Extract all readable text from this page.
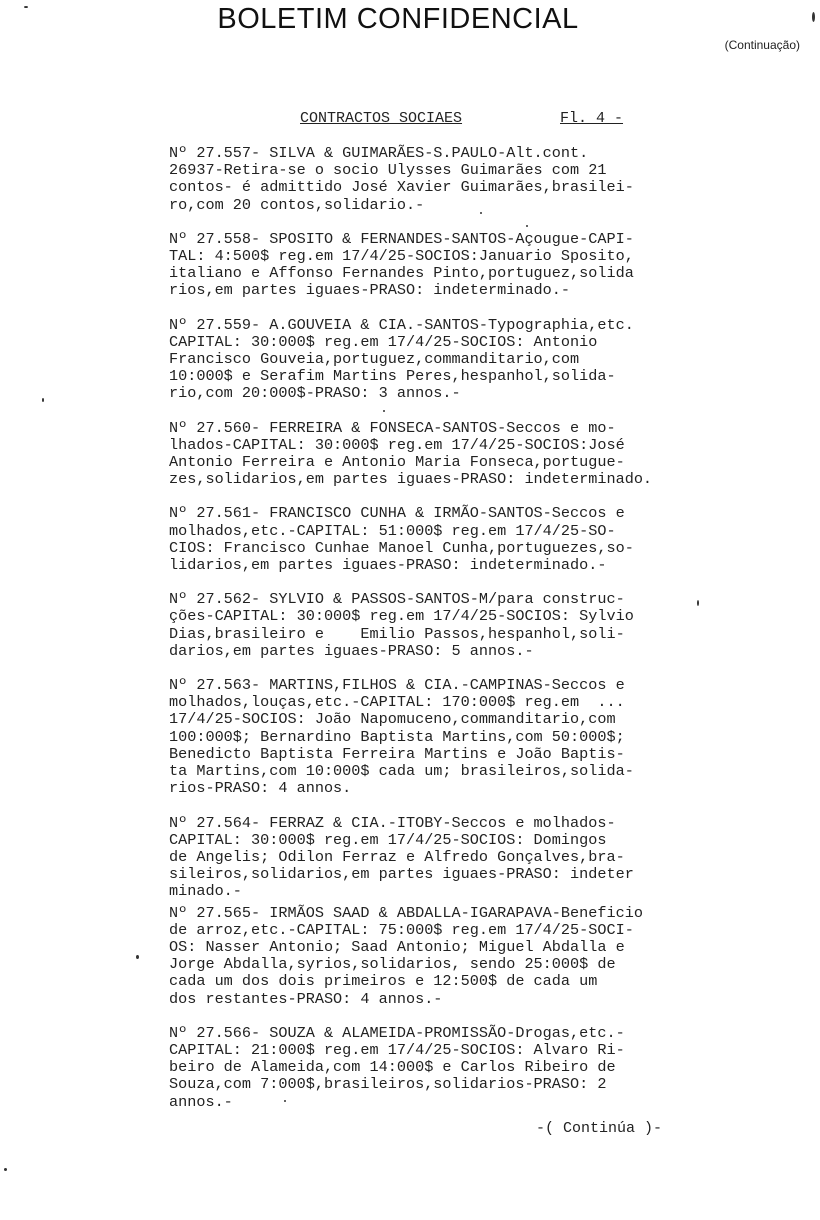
BOLETIM CONFIDENCIAL
(Continuação)
CONTRACTOS SOCIAES	Fl. 4 -
Nº 27.557- SILVA & GUIMARÃES-S.PAULO-Alt.cont.
26937-Retira-se o socio Ulysses Guimarães com 21
contos- é admittido José Xavier Guimarães,brasilei-
ro,com 20 contos,solidario.-
Nº 27.558- SPOSITO & FERNANDES-SANTOS-Açougue-CAPI-
TAL: 4:500$ reg.em 17/4/25-SOCIOS:Januario Sposito,
italiano e Affonso Fernandes Pinto,portuguez,solida
rios,em partes iguaes-PRASO: indeterminado.-
Nº 27.559- A.GOUVEIA & CIA.-SANTOS-Typographia,etc.
CAPITAL: 30:000$ reg.em 17/4/25-SOCIOS: Antonio
Francisco Gouveia,portuguez,commanditario,com
10:000$ e Serafim Martins Peres,hespanhol,solida-
rio,com 20:000$-PRASO: 3 annos.-
Nº 27.560- FERREIRA & FONSECA-SANTOS-Seccos e mo-
lhados-CAPITAL: 30:000$ reg.em 17/4/25-SOCIOS:José
Antonio Ferreira e Antonio Maria Fonseca,portugue-
zes,solidarios,em partes iguaes-PRASO: indeterminado.
Nº 27.561- FRANCISCO CUNHA & IRMÃO-SANTOS-Seccos e
molhados,etc.-CAPITAL: 51:000$ reg.em 17/4/25-SO-
CIOS: Francisco Cunhae Manoel Cunha,portuguezes,so-
lidarios,em partes iguaes-PRASO: indeterminado.-
Nº 27.562- SYLVIO & PASSOS-SANTOS-M/para construc-
ções-CAPITAL: 30:000$ reg.em 17/4/25-SOCIOS: Sylvio
Dias,brasileiro e    Emilio Passos,hespanhol,soli-
darios,em partes iguaes-PRASO: 5 annos.-
Nº 27.563- MARTINS,FILHOS & CIA.-CAMPINAS-Seccos e
molhados,louças,etc.-CAPITAL: 170:000$ reg.em  ...
17/4/25-SOCIOS: João Napomuceno,commanditario,com
100:000$; Bernardino Baptista Martins,com 50:000$;
Benedicto Baptista Ferreira Martins e João Baptis-
ta Martins,com 10:000$ cada um; brasileiros,solida-
rios-PRASO: 4 annos.
Nº 27.564- FERRAZ & CIA.-ITOBY-Seccos e molhados-
CAPITAL: 30:000$ reg.em 17/4/25-SOCIOS: Domingos
de Angelis; Odilon Ferraz e Alfredo Gonçalves,bra-
sileiros,solidarios,em partes iguaes-PRASO: indeter
minado.-
Nº 27.565- IRMÃOS SAAD & ABDALLA-IGARAPAVA-Beneficio
de arroz,etc.-CAPITAL: 75:000$ reg.em 17/4/25-SOCI-
OS: Nasser Antonio; Saad Antonio; Miguel Abdalla e
Jorge Abdalla,syrios,solidarios, sendo 25:000$ de
cada um dos dois primeiros e 12:500$ de cada um
dos restantes-PRASO: 4 annos.-
Nº 27.566- SOUZA & ALAMEIDA-PROMISSÃO-Drogas,etc.-
CAPITAL: 21:000$ reg.em 17/4/25-SOCIOS: Alvaro Ri-
beiro de Alameida,com 14:000$ e Carlos Ribeiro de
Souza,com 7:000$,brasileiros,solidarios-PRASO: 2
annos.-
-( Continúa )-
